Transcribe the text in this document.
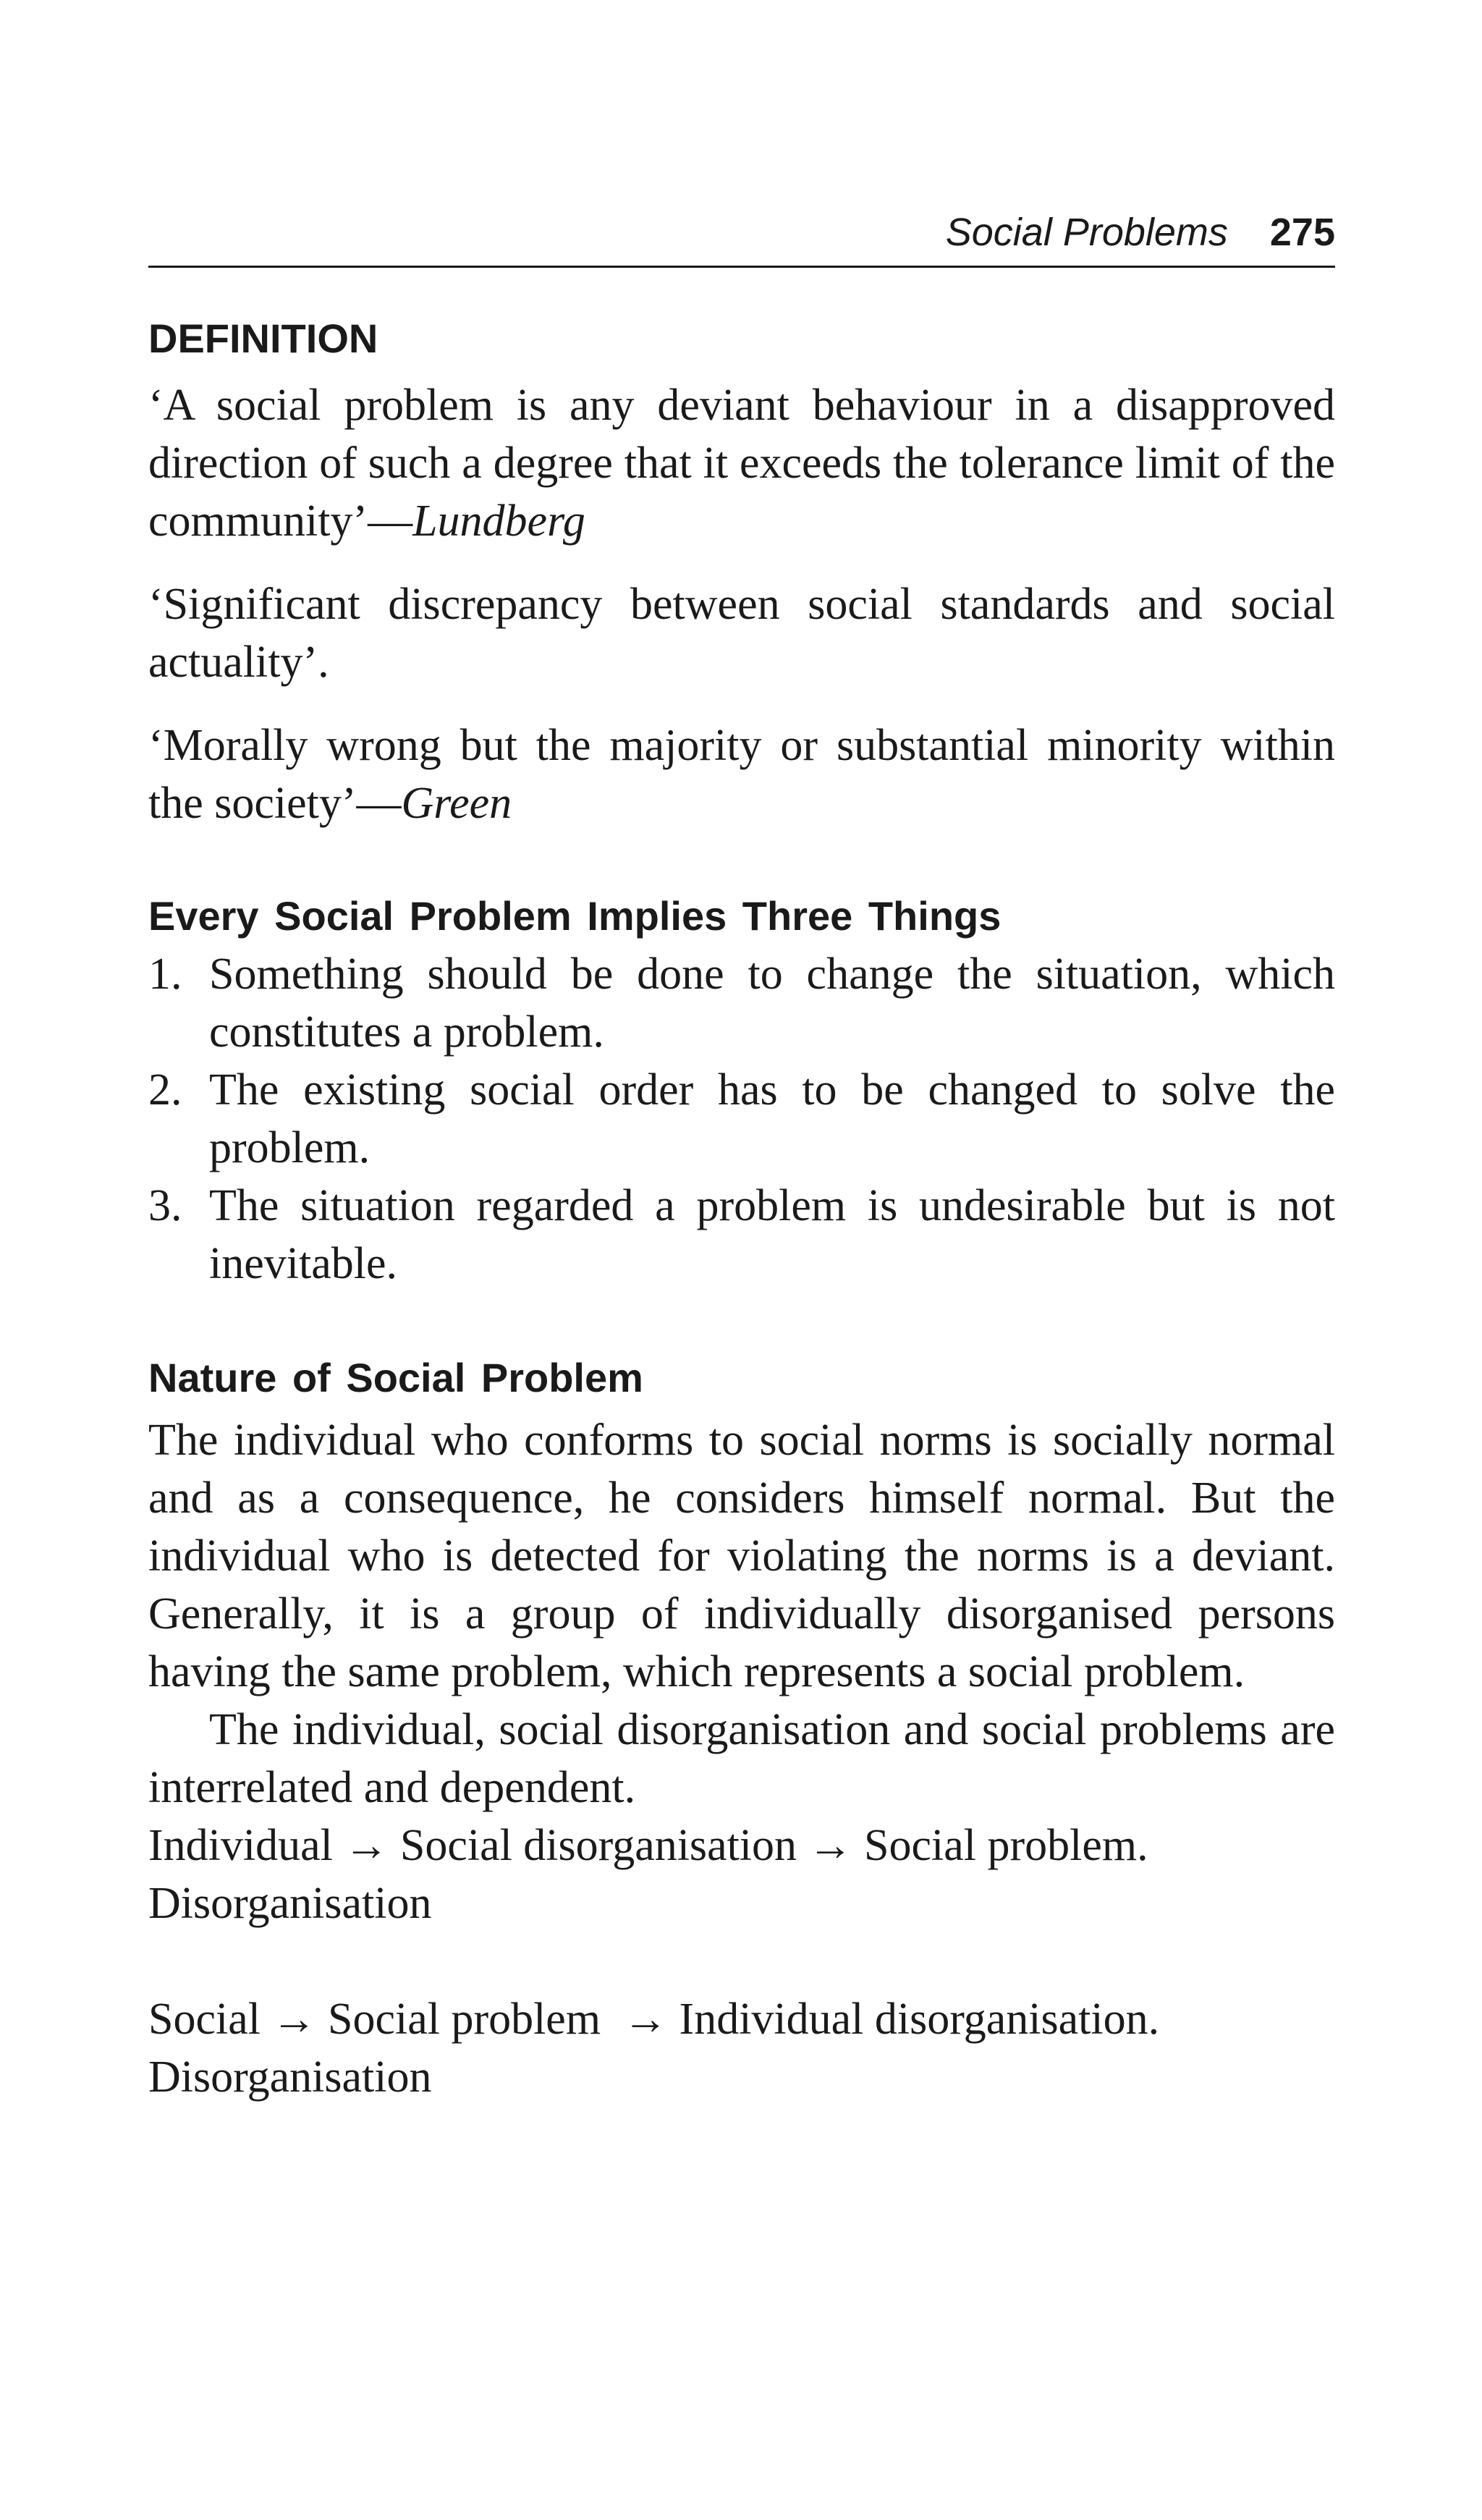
Social Problems 275
DEFINITION

‘A social problem is any deviant behaviour in a disapproved direction of such a degree that it exceeds the tolerance limit of the community’—Lundberg

‘Significant discrepancy between social standards and social actuality’.

‘Morally wrong but the majority or substantial minority within the society’—Green

Every Social Problem Implies Three Things
1. Something should be done to change the situation, which constitutes a problem.
2. The existing social order has to be changed to solve the problem.
3. The situation regarded a problem is undesirable but is not inevitable.
Nature of Social Problem

The individual who conforms to social norms is socially normal and as a consequence, he considers himself normal. But the individual who is detected for violating the norms is a deviant. Generally, it is a group of individually disorganised persons having the same problem, which represents a social problem.

The individual, social disorganisation and social problems are interrelated and dependent.

Individual → Social disorganisation → Social problem.

Disorganisation

Social → Social problem  → Individual disorganisation.

Disorganisation
